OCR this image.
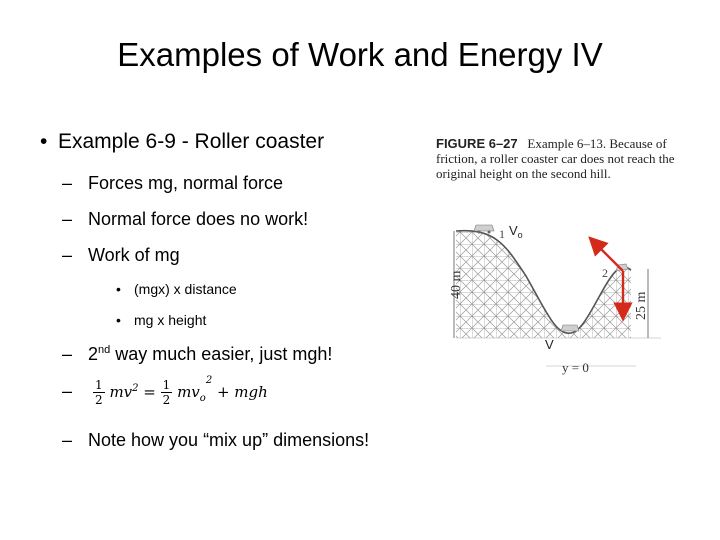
Examples of Work and Energy IV
• Example 6-9 - Roller coaster
– Forces mg, normal force
– Normal force does no work!
– Work of mg
• (mgx) x distance
• mg x height
– 2nd way much easier, just mgh!
– $\frac{1}{2} mv^2 = \frac{1}{2} mv_o^2$ + mgh
– Note how you “mix up” dimensions!
FIGURE 6–27 Example 6–13. Because of friction, a roller coaster car does not reach the original height on the second hill.
1
2
$V_o$
V
40 m
25 m
y = 0
